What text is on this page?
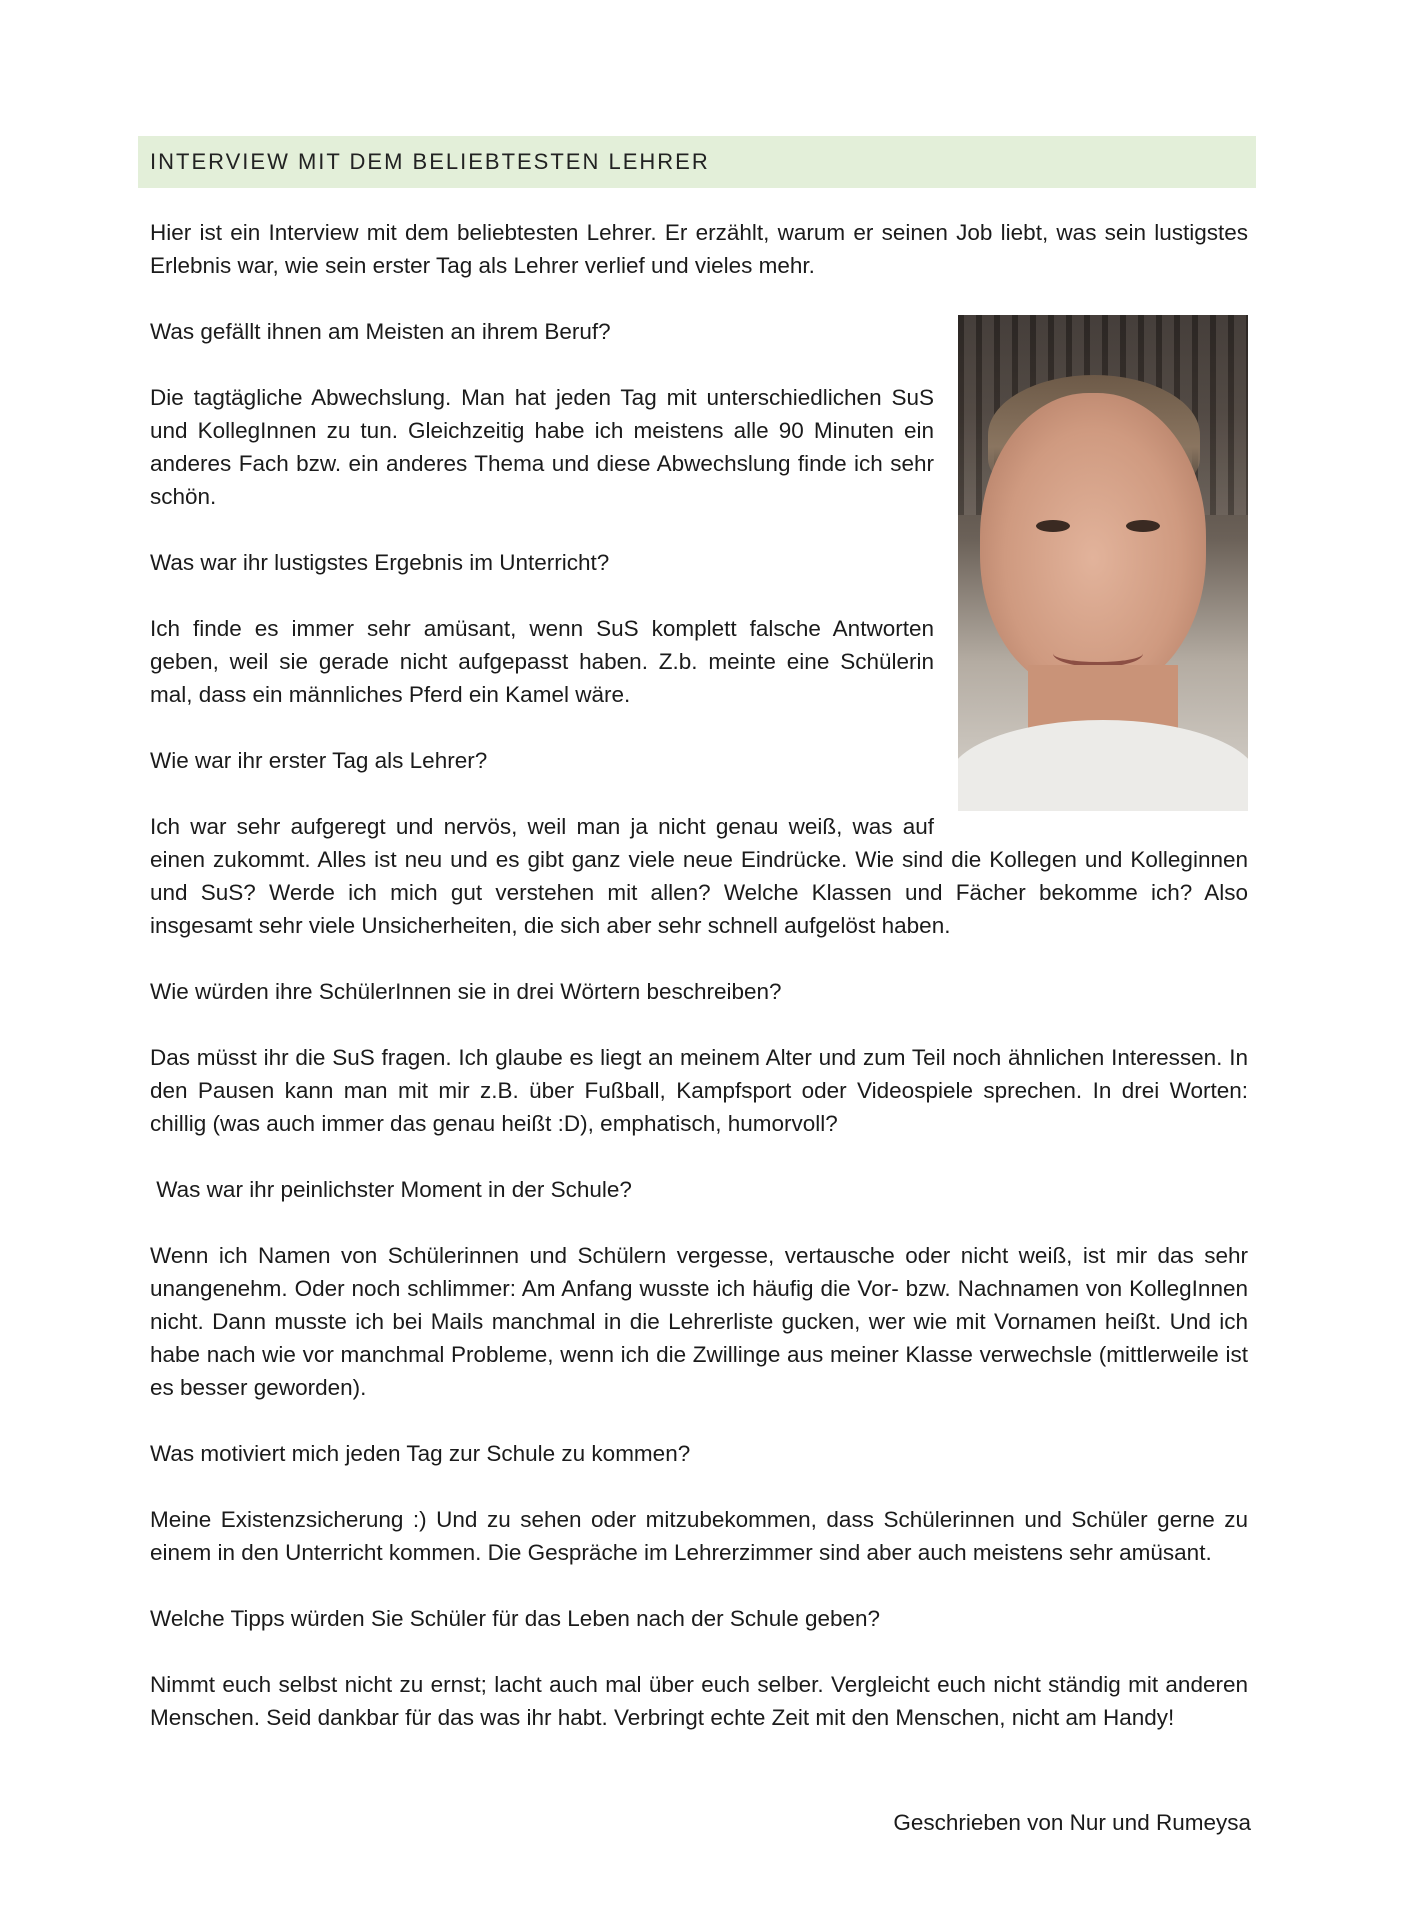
INTERVIEW MIT DEM BELIEBTESTEN LEHRER

Hier ist ein Interview mit dem beliebtesten Lehrer. Er erzählt, warum er seinen Job liebt, was sein lustigstes Erlebnis war, wie sein erster Tag als Lehrer verlief und vieles mehr.

Was gefällt ihnen am Meisten an ihrem Beruf?

Die tagtägliche Abwechslung. Man hat jeden Tag mit unterschiedlichen SuS und KollegInnen zu tun. Gleichzeitig habe ich meistens alle 90 Minuten ein anderes Fach bzw. ein anderes Thema und diese Abwechslung finde ich sehr schön.

Was war ihr lustigstes Ergebnis im Unterricht?

Ich finde es immer sehr amüsant, wenn SuS komplett falsche Antworten geben, weil sie gerade nicht aufgepasst haben. Z.b. meinte eine Schülerin mal, dass ein männliches Pferd ein Kamel wäre.

Wie war ihr erster Tag als Lehrer?

Ich war sehr aufgeregt und nervös, weil man ja nicht genau weiß, was auf einen zukommt. Alles ist neu und es gibt ganz viele neue Eindrücke. Wie sind die Kollegen und Kolleginnen und SuS? Werde ich mich gut verstehen mit allen? Welche Klassen und Fächer bekomme ich? Also insgesamt sehr viele Unsicherheiten, die sich aber sehr schnell aufgelöst haben.

Wie würden ihre SchülerInnen sie in drei Wörtern beschreiben?

Das müsst ihr die SuS fragen. Ich glaube es liegt an meinem Alter und zum Teil noch ähnlichen Interessen. In den Pausen kann man mit mir z.B. über Fußball, Kampfsport oder Videospiele sprechen. In drei Worten: chillig (was auch immer das genau heißt :D), emphatisch, humorvoll?

Was war ihr peinlichster Moment in der Schule?

Wenn ich Namen von Schülerinnen und Schülern vergesse, vertausche oder nicht weiß, ist mir das sehr unangenehm. Oder noch schlimmer: Am Anfang wusste ich häufig die Vor- bzw. Nachnamen von KollegInnen nicht. Dann musste ich bei Mails manchmal in die Lehrerliste gucken, wer wie mit Vornamen heißt. Und ich habe nach wie vor manchmal Probleme, wenn ich die Zwillinge aus meiner Klasse verwechsle (mittlerweile ist es besser geworden).

Was motiviert mich jeden Tag zur Schule zu kommen?

Meine Existenzsicherung :) Und zu sehen oder mitzubekommen, dass Schülerinnen und Schüler gerne zu einem in den Unterricht kommen. Die Gespräche im Lehrerzimmer sind aber auch meistens sehr amüsant.

Welche Tipps würden Sie Schüler für das Leben nach der Schule geben?

Nimmt euch selbst nicht zu ernst; lacht auch mal über euch selber. Vergleicht euch nicht ständig mit anderen Menschen. Seid dankbar für das was ihr habt. Verbringt echte Zeit mit den Menschen, nicht am Handy!

Geschrieben von Nur und Rumeysa
